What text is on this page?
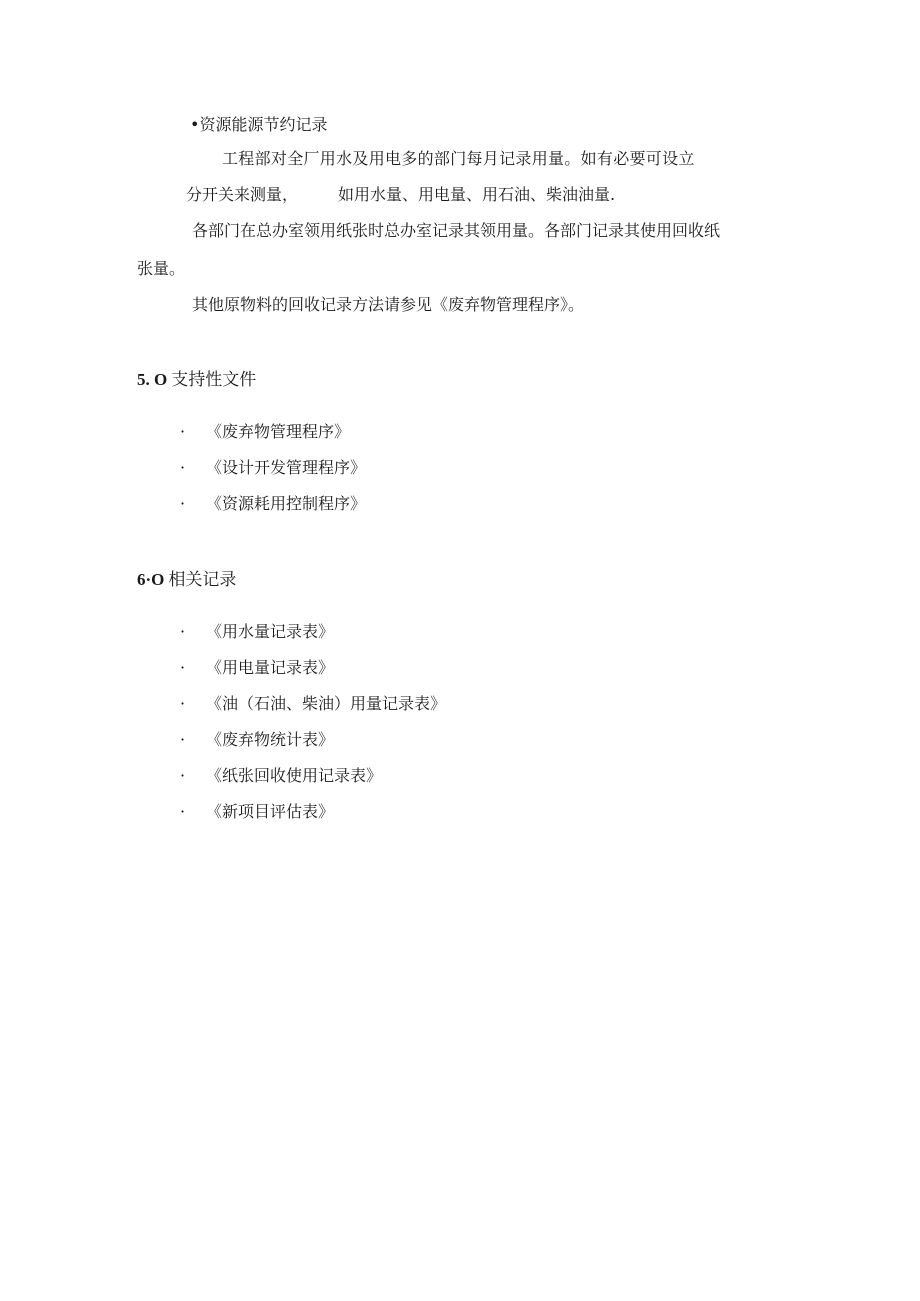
•资源能源节约记录
工程部对全厂用水及用电多的部门每月记录用量。如有必要可设立
分开关来测量，	如用水量、用电量、用石油、柴油油量.
各部门在总办室领用纸张时总办室记录其领用量。各部门记录其使用回收纸
张量。
其他原物料的回收记录方法请参见《废弃物管理程序》。
5. O 支持性文件
· 《废弃物管理程序》
· 《设计开发管理程序》
· 《资源耗用控制程序》
6·O 相关记录
· 《用水量记录表》
· 《用电量记录表》
· 《油（石油、柴油）用量记录表》
· 《废弃物统计表》
· 《纸张回收使用记录表》
· 《新项目评估表》
